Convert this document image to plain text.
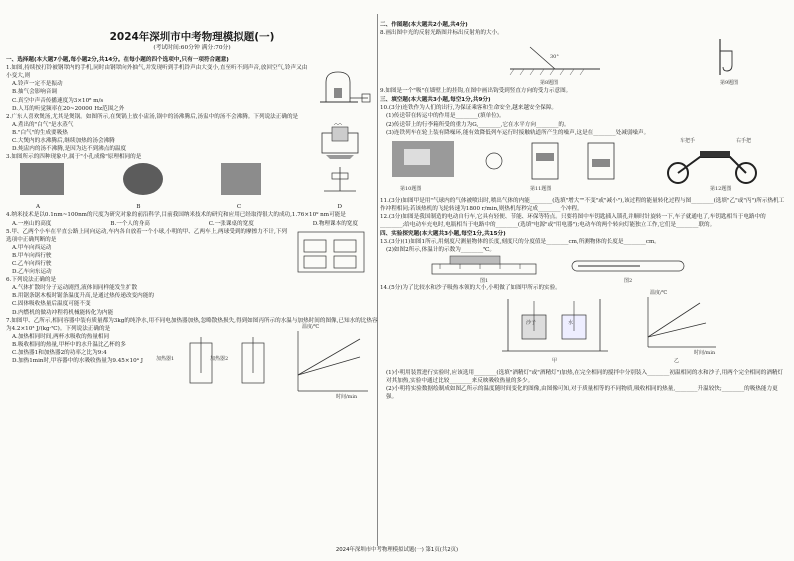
2024年深圳市中考物理模拟题(一)
(考试时间:60分钟 满分:70分)
一、选择题(本大题7小题,每小题2分,共14分。在每小题的四个选项中,只有一项符合题意)
1.如图,持续按打铃被钢罩内的手机,同时由钢罩向外抽气,并发现听到手机铃声由大变小,直至听不到声音,放回空气,铃声又由小变大,则
A.铃声一定不是振动
B.抽气会影响音调
C.真空中声音传播速度为3×10⁸ m/s
D.人耳的听觉频率在20~20000 Hz范围之外
2.广东人喜欢煲汤,尤其是煲锅。如图所示,在煲锅上放小盅汤,锅中的汤沸腾后,汤盅中的汤不会沸腾。下列说法正确的是
A.煮出的"白气"是水蒸气
B."白气"的生成要吸热
C.大煲内的水沸腾后,继续加热的汤会沸腾
D.炖盅内的汤不沸腾,是因为达不到沸点的温度
3.如图所示的四种现象中,属于"小孔成像"原理相同的是
A	B	C	D
4.纳米技术是以0.1nm~100nm的尺度为研究对象的前沿科学,目前我国纳米技术的研究和应用已经取得很大的成功,1.76×10⁹ nm可能是
A.一座山的高度	B.一个人的身高	C.一张课桌的宽度	D.物理课本的宽度
5.甲、乙两个小车在平直公路上同向运动,车内各自放着一个小球,小明的甲、乙两车上,两球受到的摩擦力不计,下列选项中正确判断的是
A.甲车向西运动
B.甲车向西行驶
C.乙车向西行驶
D.乙车向东运动
6.下列说法正确的是
A.气体扩散时分子运动剧烈,液体间同样能发生扩散
B.用锯条锯木板时锯条温度升高,是通过热传递改变内能的
C.固体吸收热量后温度可能不变
D.内燃机的做功冲程将机械能转化为内能
7.如图甲、乙所示,相同容器中装有质量都为3kg的纯净水,用不同电加热器加热,忽略散热损失,得到如图丙所示的水温与加热时间的图像,已知水的比热容为4.2×10³ J/(kg·℃)。下列说法正确的是
A.加热相同时间,两杯水吸收的热量相同
B.吸收相同的热量,甲杯中的水升温比乙杯的多
C.加热器1和加热器2的功率之比为9:4
D.加热1min时,甲容器中的水吸收热量为9.45×10⁴ J	加热器1	加热器2
温度/℃
时间/min
二、作图题(本大题共2小题,共4分)
8.画出图中光的反射光路图并标出反射角的大小。
30°
第8题图	第9题图
9.如图是一个"吸"在墙壁上的挂钩,在图中画出钩受到竖直方向的受力示意图。
三、填空题(本大题共3小题,每空1分,共9分)
10.(3分)连铁作为人们的出行,为保证乘客和生命安全,越来越安全保障。
(1)传送带在转运中的作用是________(填单位)。
(2)传送带上的行李箱所受的重力为G,________,它在水平方向________的。
(3)连铁列车在轮上装有降噪环,能有效降低列车运行时接触轨道所产生的噪声,这是在________处减弱噪声。
第10题图	第11题图
车把手	右手把
第12题图
11.(3分)如图甲是用"气球内的气体被喷出时,喷出气体的内能________(选填"增大""不变"或"减小"),该过程的能量转化过程与图________(选填"乙"或"丙")所示热机工作冲程相同;若该热机的飞轮转速为1800 r/min,则热机每秒完成________个冲程。
12.(3分)如图是我国制造的电动自行车,它具有轻便、节能、环保等特点。只要将图中车钥匙插入锁孔并顺时针旋转一下,车子就通电了,车钥匙相当于电路中的________;给电动车充电时,电瓶相当于电路中的________(选填"电源"或"用电器");电动车的两个转向灯能独立工作,它们是________联的。
四、实验探究题(本大题共3小题,每空1分,共15分)
13.(3分)(1)如图1所示,用刻度尺测量物体的长度,刻度尺的分度值是________cm,所测物体的长度是________cm。
(2)如图2所示,体温计的示数为________℃。
图1	图2
14.(5分)为了比较水和沙子吸热本领的大小,小明做了如图甲所示的实验。
沙子	水
甲
温度/℃
时间/min
乙
(1)小明用装置进行实验时,应该选用________(选填"酒精灯"或"酒精灯")加热,在完全相同的搅拌中分别装入________初温相同的水和沙子,用两个完全相同的酒精灯对其加热,实验中通过比较________来反映吸收热量的多少。
(2)小明将实验数据绘制成如图乙所示的温度随时间变化的图像,由图像可知,对于质量相等的不同物质,吸收相同的热量,________升温较快;________的吸热能力更强。
2024年深圳市中考物理模拟试题(一) 第1页(共2页)
